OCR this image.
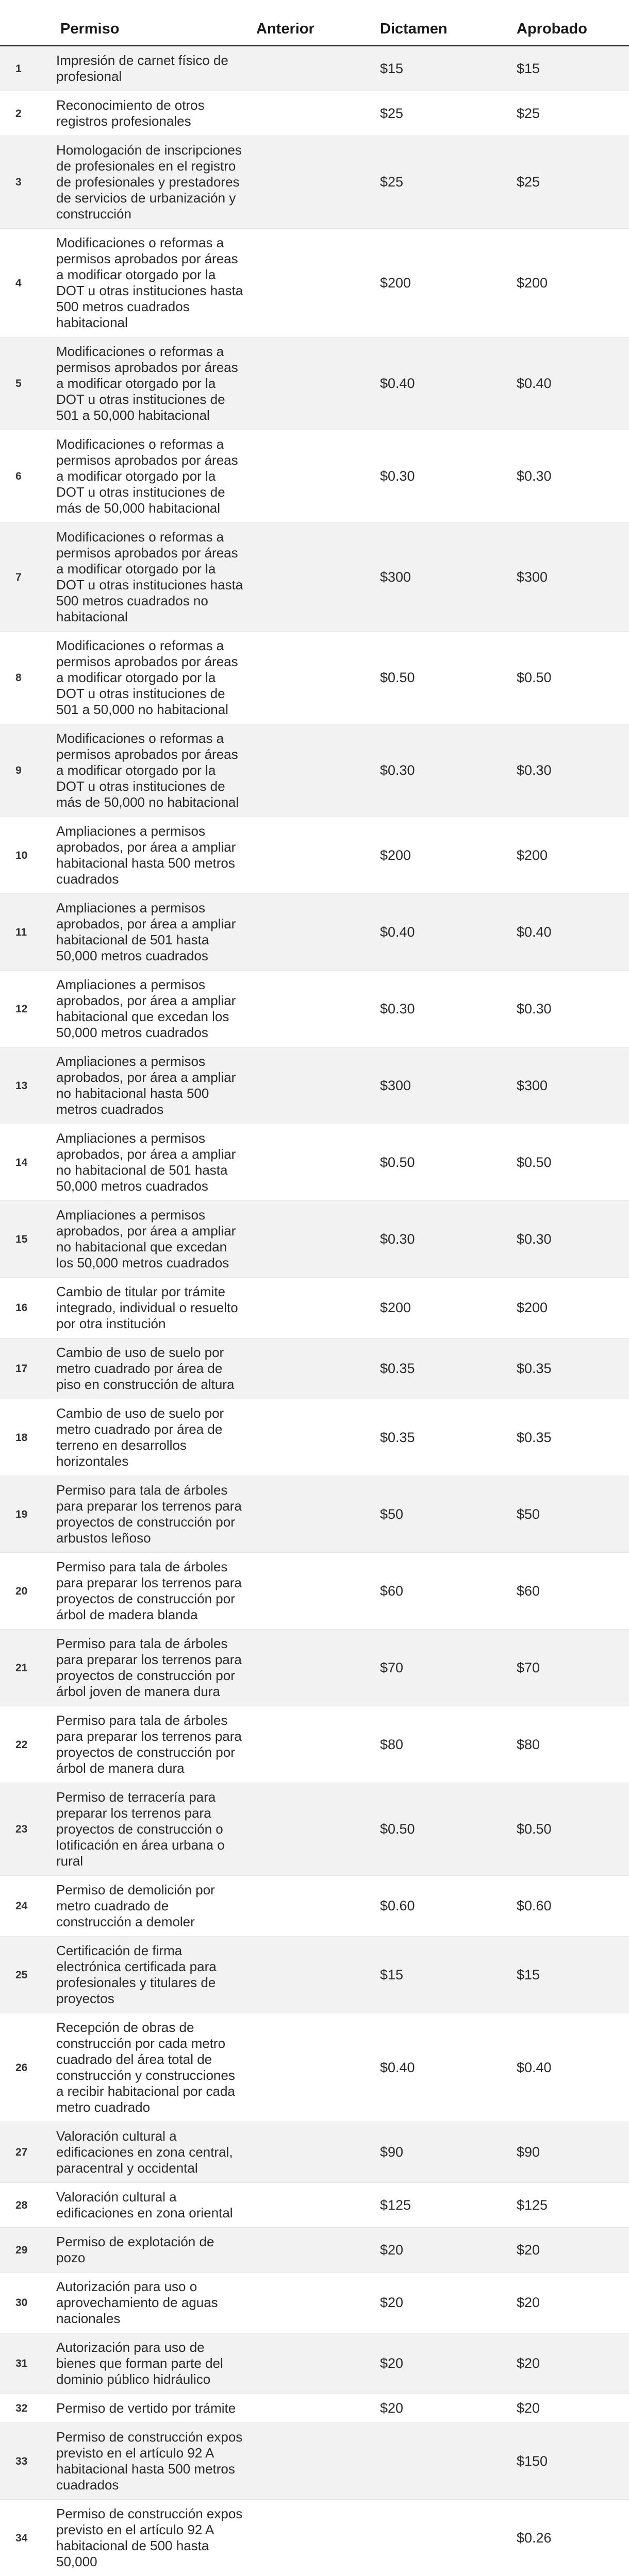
	Permiso	Anterior	Dictamen	Aprobado
1	Impresión de carnet físico de profesional		$15	$15
2	Reconocimiento de otros registros profesionales		$25	$25
3	Homologación de inscripciones de profesionales en el registro de profesionales y prestadores de servicios de urbanización y construcción		$25	$25
4	Modificaciones o reformas a permisos aprobados por áreas a modificar otorgado por la DOT u otras instituciones hasta 500 metros cuadrados habitacional		$200	$200
5	Modificaciones o reformas a permisos aprobados por áreas a modificar otorgado por la DOT u otras instituciones de 501 a 50,000 habitacional		$0.40	$0.40
6	Modificaciones o reformas a permisos aprobados por áreas a modificar otorgado por la DOT u otras instituciones de más de 50,000 habitacional		$0.30	$0.30
7	Modificaciones o reformas a permisos aprobados por áreas a modificar otorgado por la DOT u otras instituciones hasta 500 metros cuadrados no habitacional		$300	$300
8	Modificaciones o reformas a permisos aprobados por áreas a modificar otorgado por la DOT u otras instituciones de 501 a 50,000 no habitacional		$0.50	$0.50
9	Modificaciones o reformas a permisos aprobados por áreas a modificar otorgado por la DOT u otras instituciones de más de 50,000 no habitacional		$0.30	$0.30
10	Ampliaciones a permisos aprobados, por área a ampliar habitacional hasta 500 metros cuadrados		$200	$200
11	Ampliaciones a permisos aprobados, por área a ampliar habitacional de 501 hasta 50,000 metros cuadrados		$0.40	$0.40
12	Ampliaciones a permisos aprobados, por área a ampliar habitacional que excedan los 50,000 metros cuadrados		$0.30	$0.30
13	Ampliaciones a permisos aprobados, por área a ampliar no habitacional hasta 500 metros cuadrados		$300	$300
14	Ampliaciones a permisos aprobados, por área a ampliar no habitacional de 501 hasta 50,000 metros cuadrados		$0.50	$0.50
15	Ampliaciones a permisos aprobados, por área a ampliar no habitacional que excedan los 50,000 metros cuadrados		$0.30	$0.30
16	Cambio de titular por trámite integrado, individual o resuelto por otra institución		$200	$200
17	Cambio de uso de suelo por metro cuadrado por área de piso en construcción de altura		$0.35	$0.35
18	Cambio de uso de suelo por metro cuadrado por área de terreno en desarrollos horizontales		$0.35	$0.35
19	Permiso para tala de árboles para preparar los terrenos para proyectos de construcción por arbustos leñoso		$50	$50
20	Permiso para tala de árboles para preparar los terrenos para proyectos de construcción por árbol de madera blanda		$60	$60
21	Permiso para tala de árboles para preparar los terrenos para proyectos de construcción por árbol joven de manera dura		$70	$70
22	Permiso para tala de árboles para preparar los terrenos para proyectos de construcción por árbol de manera dura		$80	$80
23	Permiso de terracería para preparar los terrenos para proyectos de construcción o lotificación en área urbana o rural		$0.50	$0.50
24	Permiso de demolición por metro cuadrado de construcción a demoler		$0.60	$0.60
25	Certificación de firma electrónica certificada para profesionales y titulares de proyectos		$15	$15
26	Recepción de obras de construcción por cada metro cuadrado del área total de construcción y construcciones a recibir habitacional por cada metro cuadrado		$0.40	$0.40
27	Valoración cultural a edificaciones en zona central, paracentral y occidental		$90	$90
28	Valoración cultural a edificaciones en zona oriental		$125	$125
29	Permiso de explotación de pozo		$20	$20
30	Autorización para uso o aprovechamiento de aguas nacionales		$20	$20
31	Autorización para uso de bienes que forman parte del dominio público hidráulico		$20	$20
32	Permiso de vertido por trámite		$20	$20
33	Permiso de construcción expos previsto en el artículo 92 A habitacional hasta 500 metros cuadrados			$150
34	Permiso de construcción expos previsto en el artículo 92 A habitacional de 500 hasta 50,000			$0.26
